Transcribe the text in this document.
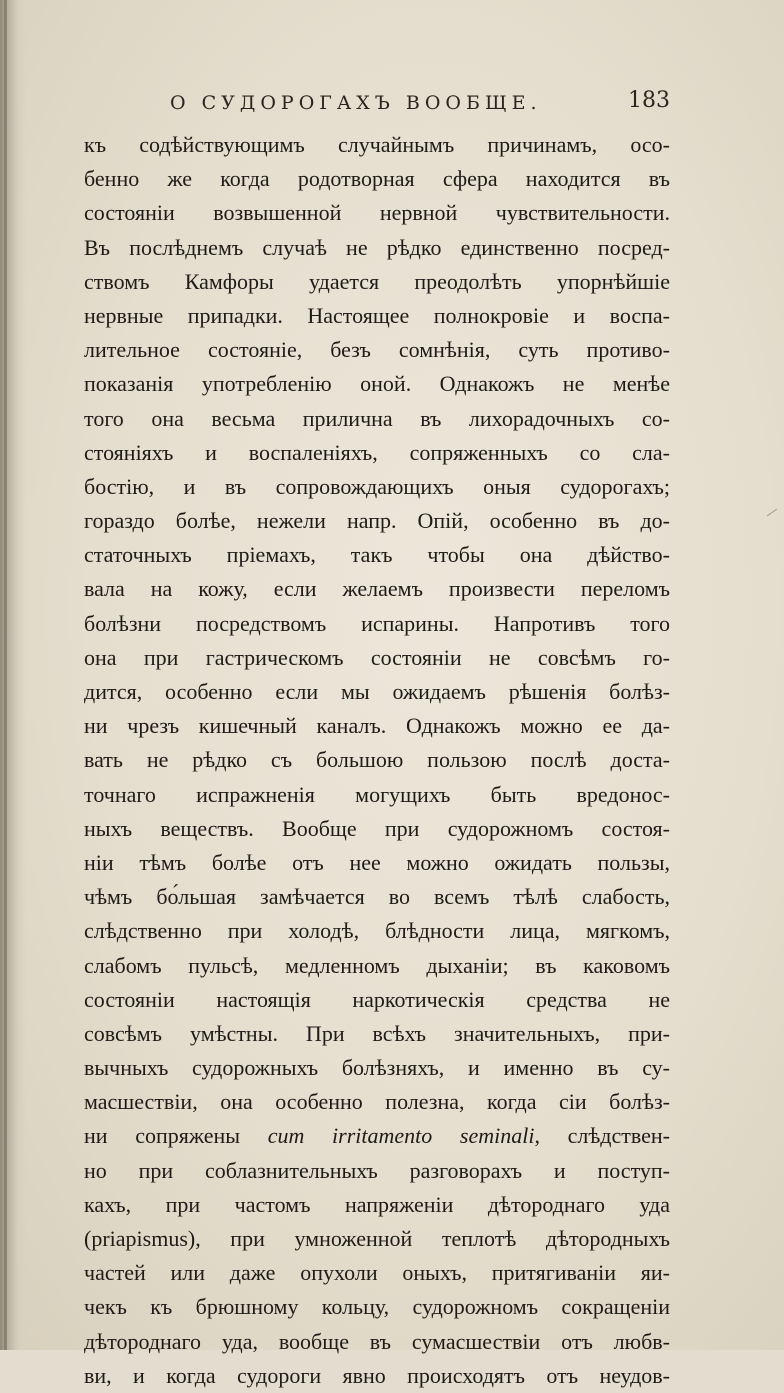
О СУДОРОГАХЪ ВООБЩЕ.	183
къ содѣйствующимъ случайнымъ причинамъ, осо-
бенно же когда родотворная сфера находится въ
состояніи возвышенной нервной чувствительности.
Въ послѣднемъ случаѣ не рѣдко единственно посред-
ствомъ Камфоры удается преодолѣть упорнѣйшіе
нервные припадки. Настоящее полнокровіе и воспа-
лительное состояніе, безъ сомнѣнія, суть противо-
показанія употребленію оной. Однакожъ не менѣе
того она весьма прилична въ лихорадочныхъ со-
стояніяхъ и воспаленіяхъ, сопряженныхъ со сла-
бостію, и въ сопровождающихъ оныя судорогахъ;
гораздо болѣе, нежели напр. Опій, особенно въ до-
статочныхъ пріемахъ, такъ чтобы она дѣйство-
вала на кожу, если желаемъ произвести переломъ
болѣзни посредствомъ испарины. Напротивъ того
она при гастрическомъ состояніи не совсѣмъ го-
дится, особенно если мы ожидаемъ рѣшенія болѣз-
ни чрезъ кишечный каналъ. Однакожъ можно ее да-
вать не рѣдко съ большою пользою послѣ доста-
точнаго испражненія могущихъ быть вредонос-
ныхъ веществъ. Вообще при судорожномъ состоя-
ніи тѣмъ болѣе отъ нее можно ожидать пользы,
чѣмъ бо́льшая замѣчается во всемъ тѣлѣ слабость,
слѣдственно при холодѣ, блѣдности лица, мягкомъ,
слабомъ пульсѣ, медленномъ дыханіи; въ каковомъ
состояніи настоящія наркотическія средства не
совсѣмъ умѣстны. При всѣхъ значительныхъ, при-
вычныхъ судорожныхъ болѣзняхъ, и именно въ су-
масшествіи, она особенно полезна, когда сіи болѣз-
ни сопряжены cum irritamento seminali, слѣдствен-
но при соблазнительныхъ разговорахъ и поступ-
кахъ, при частомъ напряженіи дѣтороднаго уда
(priapismus), при умноженной теплотѣ дѣтородныхъ
частей или даже опухоли оныхъ, притягиваніи яи-
чекъ къ брюшному кольцу, судорожномъ сокращеніи
дѣтороднаго уда, вообще въ сумасшествіи отъ любв-
ви, и когда судороги явно происходятъ отъ неудов-
